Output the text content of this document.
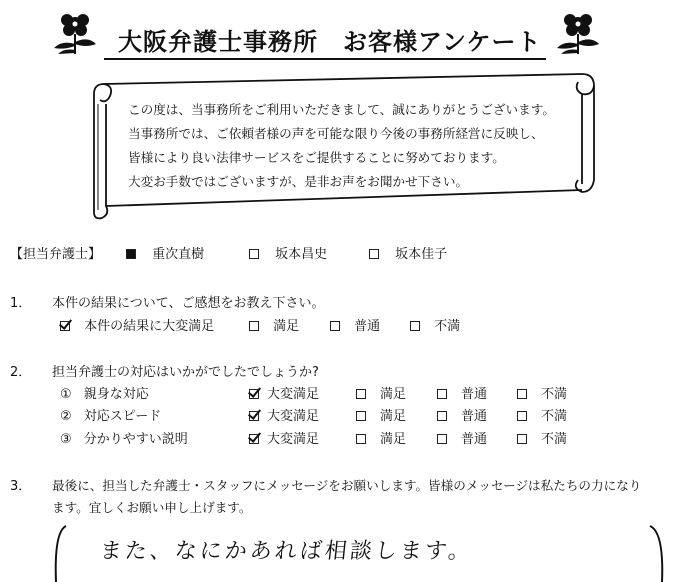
大阪弁護士事務所　お客様アンケート
この度は、当事務所をご利用いただきまして、誠にありがとうございます。
当事務所では、ご依頼者様の声を可能な限り今後の事務所経営に反映し、
皆様により良い法律サービスをご提供することに努めております。
大変お手数ではございますが、是非お声をお聞かせ下さい。
【担当弁護士】	重次直樹	坂本昌史	坂本佳子
1． 本件の結果について、ご感想をお教え下さい。
本件の結果に大変満足	満足	普通	不満
2． 担当弁護士の対応はいかがでしたでしょうか?
① 親身な対応	大変満足	満足	普通	不満
② 対応スピード	大変満足	満足	普通	不満
③ 分かりやすい説明	大変満足	満足	普通	不満
3． 最後に、担当した弁護士・スタッフにメッセージをお願いします。皆様のメッセージは私たちの力になり
ます。宜しくお願い申し上げます。
また、なにかあれば相談します。
